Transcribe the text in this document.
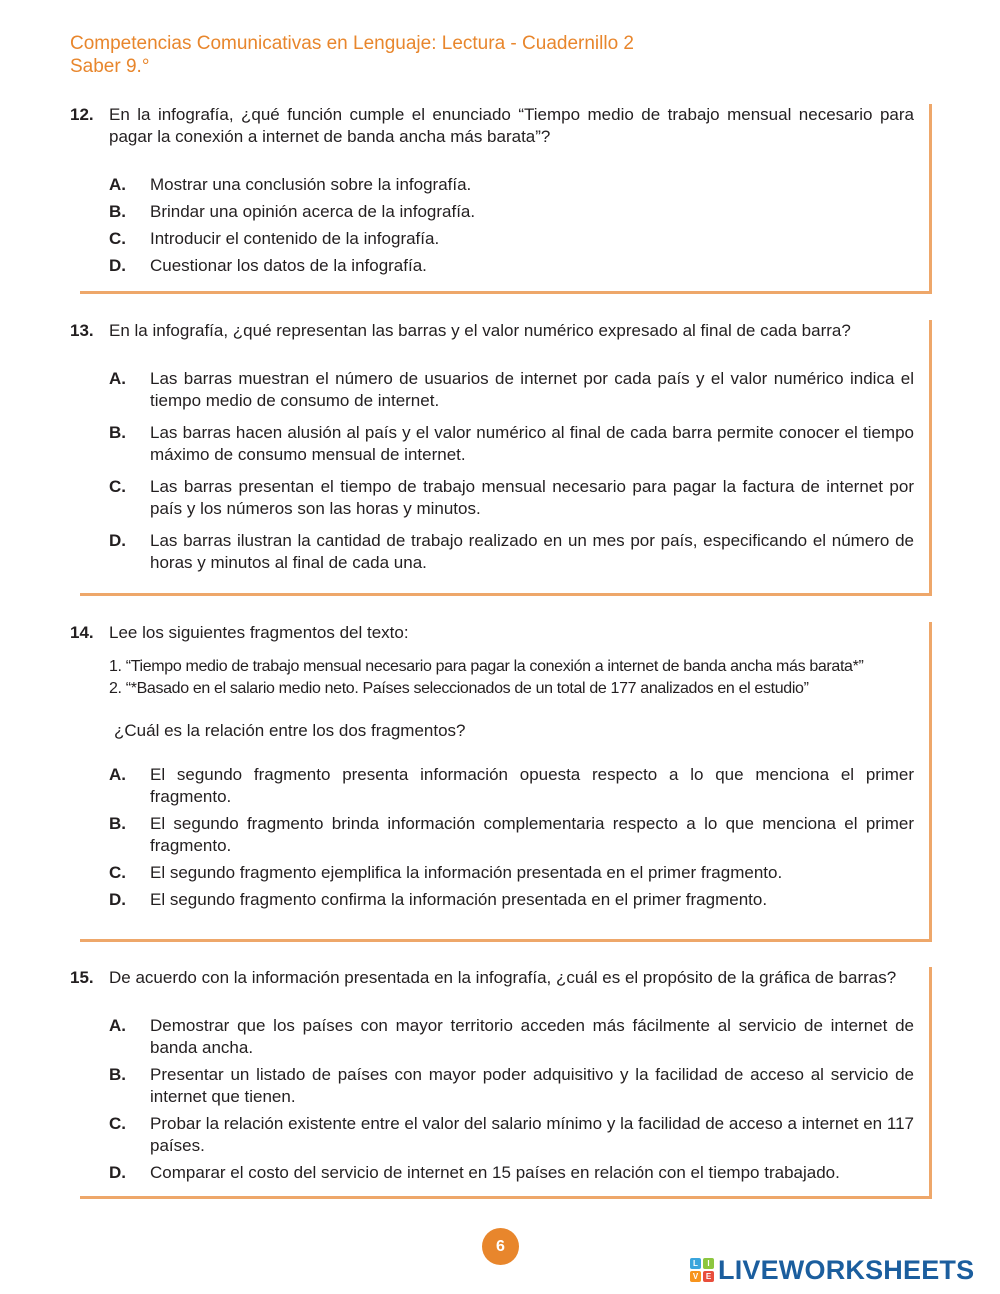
Competencias Comunicativas en Lenguaje: Lectura - Cuadernillo 2
Saber 9.°
12. En la infografía, ¿qué función cumple el enunciado “Tiempo medio de trabajo mensual necesario para pagar la conexión a internet de banda ancha más barata”?
A. Mostrar una conclusión sobre la infografía.
B. Brindar una opinión acerca de la infografía.
C. Introducir el contenido de la infografía.
D. Cuestionar los datos de la infografía.
13. En la infografía, ¿qué representan las barras y el valor numérico expresado al final de cada barra?
A. Las barras muestran el número de usuarios de internet por cada país y el valor numérico indica el tiempo medio de consumo de internet.
B. Las barras hacen alusión al país y el valor numérico al final de cada barra permite conocer el tiempo máximo de consumo mensual de internet.
C. Las barras presentan el tiempo de trabajo mensual necesario para pagar la factura de internet por país y los números son las horas y minutos.
D. Las barras ilustran la cantidad de trabajo realizado en un mes por país, especificando el número de horas y minutos al final de cada una.
14. Lee los siguientes fragmentos del texto:
1. “Tiempo medio de trabajo mensual necesario para pagar la conexión a internet de banda ancha más barata*”
2. “*Basado en el salario medio neto. Países seleccionados de un total de 177 analizados en el estudio”
¿Cuál es la relación entre los dos fragmentos?
A. El segundo fragmento presenta información opuesta respecto a lo que menciona el primer fragmento.
B. El segundo fragmento brinda información complementaria respecto a lo que menciona el primer fragmento.
C. El segundo fragmento ejemplifica la información presentada en el primer fragmento.
D. El segundo fragmento confirma la información presentada en el primer fragmento.
15. De acuerdo con la información presentada en la infografía, ¿cuál es el propósito de la gráfica de barras?
A. Demostrar que los países con mayor territorio acceden más fácilmente al servicio de internet de banda ancha.
B. Presentar un listado de países con mayor poder adquisitivo y la facilidad de acceso al servicio de internet que tienen.
C. Probar la relación existente entre el valor del salario mínimo y la facilidad de acceso a internet en 117 países.
D. Comparar el costo del servicio de internet en 15 países en relación con el tiempo trabajado.
6
L	I
V E LIVEWORKSHEETS
